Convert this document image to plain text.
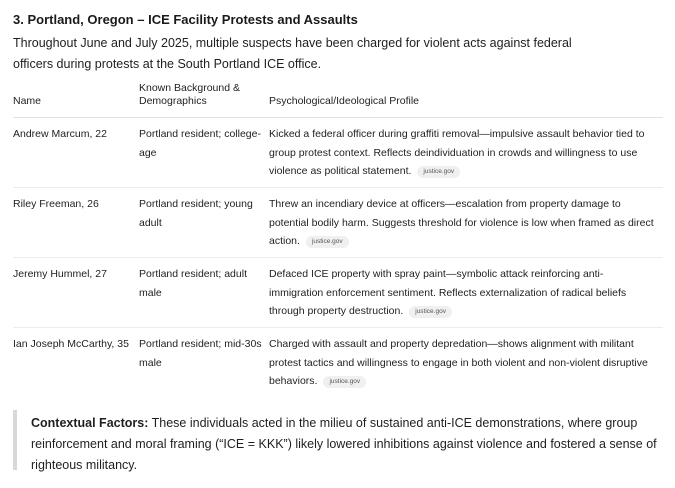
3. Portland, Oregon – ICE Facility Protests and Assaults
Throughout June and July 2025, multiple suspects have been charged for violent acts against federal officers during protests at the South Portland ICE office.
Name	Known Background & Demographics	Psychological/Ideological Profile
Andrew Marcum, 22	Portland resident; college-age	Kicked a federal officer during graffiti removal—impulsive assault behavior tied to group protest context. Reflects deindividuation in crowds and willingness to use violence as political statement. justice.gov
Riley Freeman, 26	Portland resident; young adult	Threw an incendiary device at officers—escalation from property damage to potential bodily harm. Suggests threshold for violence is low when framed as direct action. justice.gov
Jeremy Hummel, 27	Portland resident; adult male	Defaced ICE property with spray paint—symbolic attack reinforcing anti-immigration enforcement sentiment. Reflects externalization of radical beliefs through property destruction. justice.gov
Ian Joseph McCarthy, 35	Portland resident; mid-30s male	Charged with assault and property depredation—shows alignment with militant protest tactics and willingness to engage in both violent and non-violent disruptive behaviors. justice.gov
Contextual Factors: These individuals acted in the milieu of sustained anti-ICE demonstrations, where group reinforcement and moral framing (“ICE = KKK”) likely lowered inhibitions against violence and fostered a sense of righteous militancy.
